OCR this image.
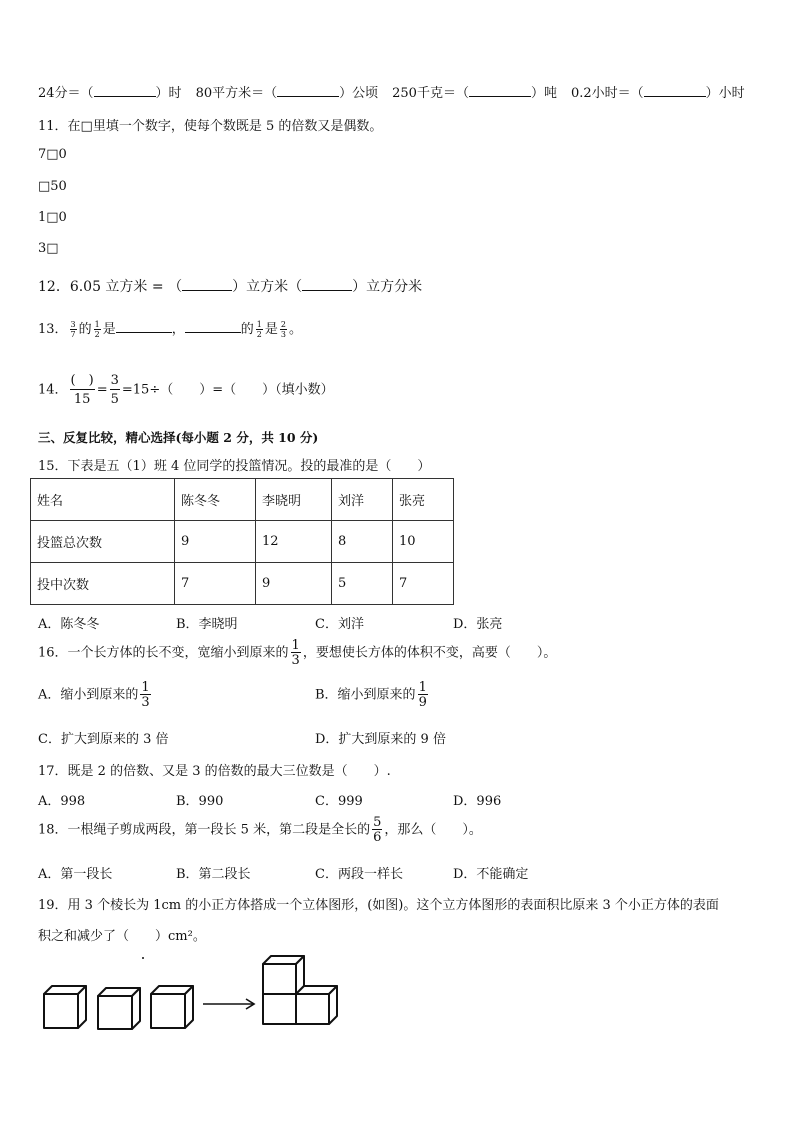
24分＝（	）时 80平方米＝（	）公顷 250千克＝（	）吨 0.2小时＝（	）小时
11．在□里填一个数字，使每个数既是 5 的倍数又是偶数。
7□0
□50
1□0
3□
12．6.05 立方米 = （	）立方米（	）立方分米
13． $\frac{3}{7}$ 的 $\frac{1}{2}$ 是	，	的 $\frac{1}{2}$ 是 $\frac{2}{3}$ 。
14． $\frac{( )}{15} = \frac{3}{5} =15\div$（　　）=（　　）（填小数）
三、反复比较，精心选择(每小题 2 分，共 10 分)
15．下表是五（1）班 4 位同学的投篮情况。投的最准的是（　　）
姓名	陈冬冬	李晓明	刘洋	张亮
投篮总次数	9	12	8	10
投中次数	7	9	5	7
A．陈冬冬	B．李晓明	C．刘洋	D．张亮
16．一个长方体的长不变，宽缩小到原来的 $\frac{1}{3}$ ，要想使长方体的体积不变，高要（　　）。
A．缩小到原来的 $\frac{1}{3}$	B．缩小到原来的 $\frac{1}{9}$
C．扩大到原来的 3 倍	D．扩大到原来的 9 倍
17．既是 2 的倍数、又是 3 的倍数的最大三位数是（　　）.
A．998	B．990	C．999	D．996
18．一根绳子剪成两段，第一段长 5 米，第二段是全长的 $\frac{5}{6}$ ，那么（　　）。
A．第一段长	B．第二段长	C．两段一样长	D．不能确定
19．用 3 个棱长为 1cm 的小正方体搭成一个立体图形，(如图)。这个立方体图形的表面积比原来 3 个小正方体的表面
积之和减少了（　　）cm²。
